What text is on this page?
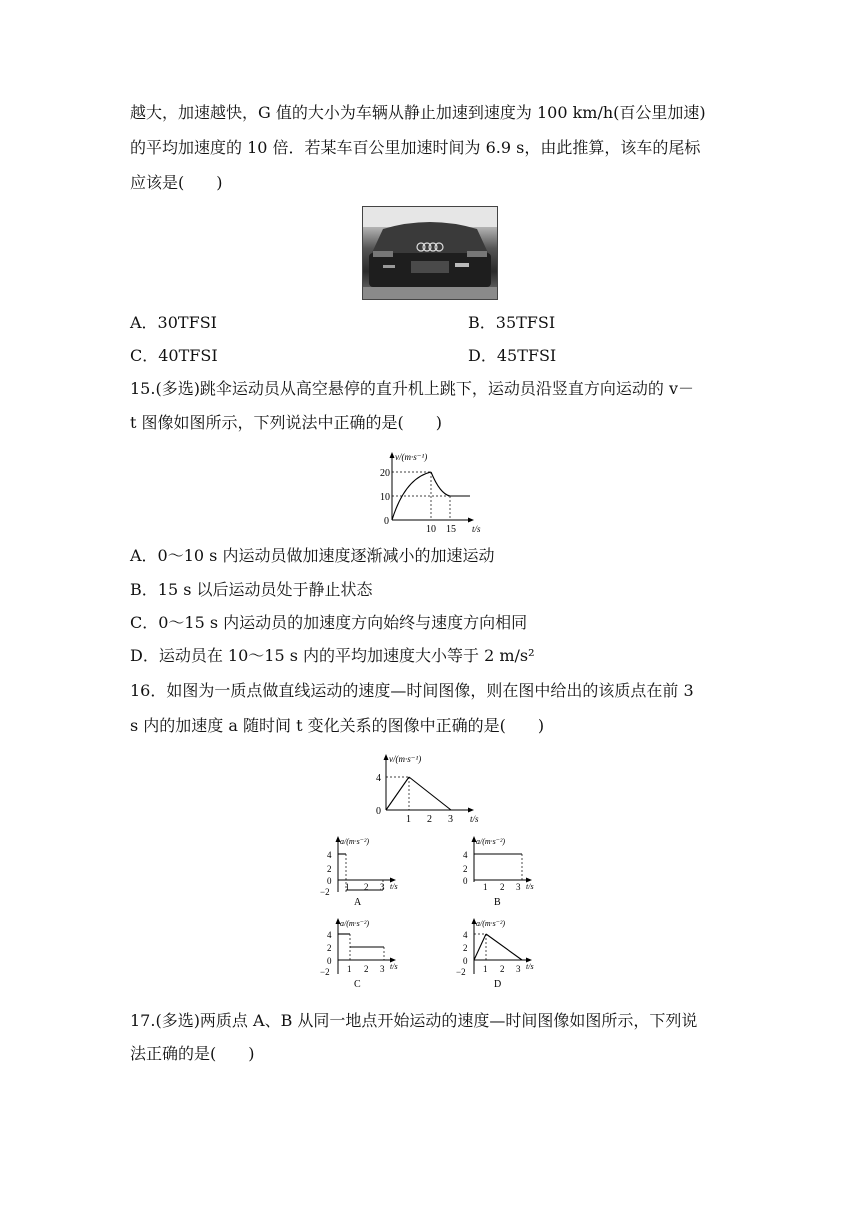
越大，加速越快，G 值的大小为车辆从静止加速到速度为 100 km/h(百公里加速)
的平均加速度的 10 倍．若某车百公里加速时间为 6.9 s，由此推算，该车的尾标
应该是(　　)
A．30TFSI	B．35TFSI
C．40TFSI	D．45TFSI
15.(多选)跳伞运动员从高空悬停的直升机上跳下，运动员沿竖直方向运动的 v－
t 图像如图所示，下列说法中正确的是(　　)
v/(m·s⁻¹)
20
10
0
10 15 t/s
A．0～10 s 内运动员做加速度逐渐减小的加速运动
B．15 s 以后运动员处于静止状态
C．0～15 s 内运动员的加速度方向始终与速度方向相同
D．运动员在 10～15 s 内的平均加速度大小等于 2 m/s²
16．如图为一质点做直线运动的速度—时间图像，则在图中给出的该质点在前 3
s 内的加速度 a 随时间 t 变化关系的图像中正确的是(　　)
v/(m·s⁻¹)
4
0
1 2 3 t/s
a/(m·s⁻²)
4
2
0
−2 1 2 3 t/s
A
a/(m·s⁻²)
4
2
0
1 2 3 t/s
B
a/(m·s⁻²)
4
2
0
−2 1 2 3 t/s
C
a/(m·s⁻²)
4
2
0
−2 1 2 3 t/s
D
17.(多选)两质点 A、B 从同一地点开始运动的速度—时间图像如图所示，下列说
法正确的是(　　)
